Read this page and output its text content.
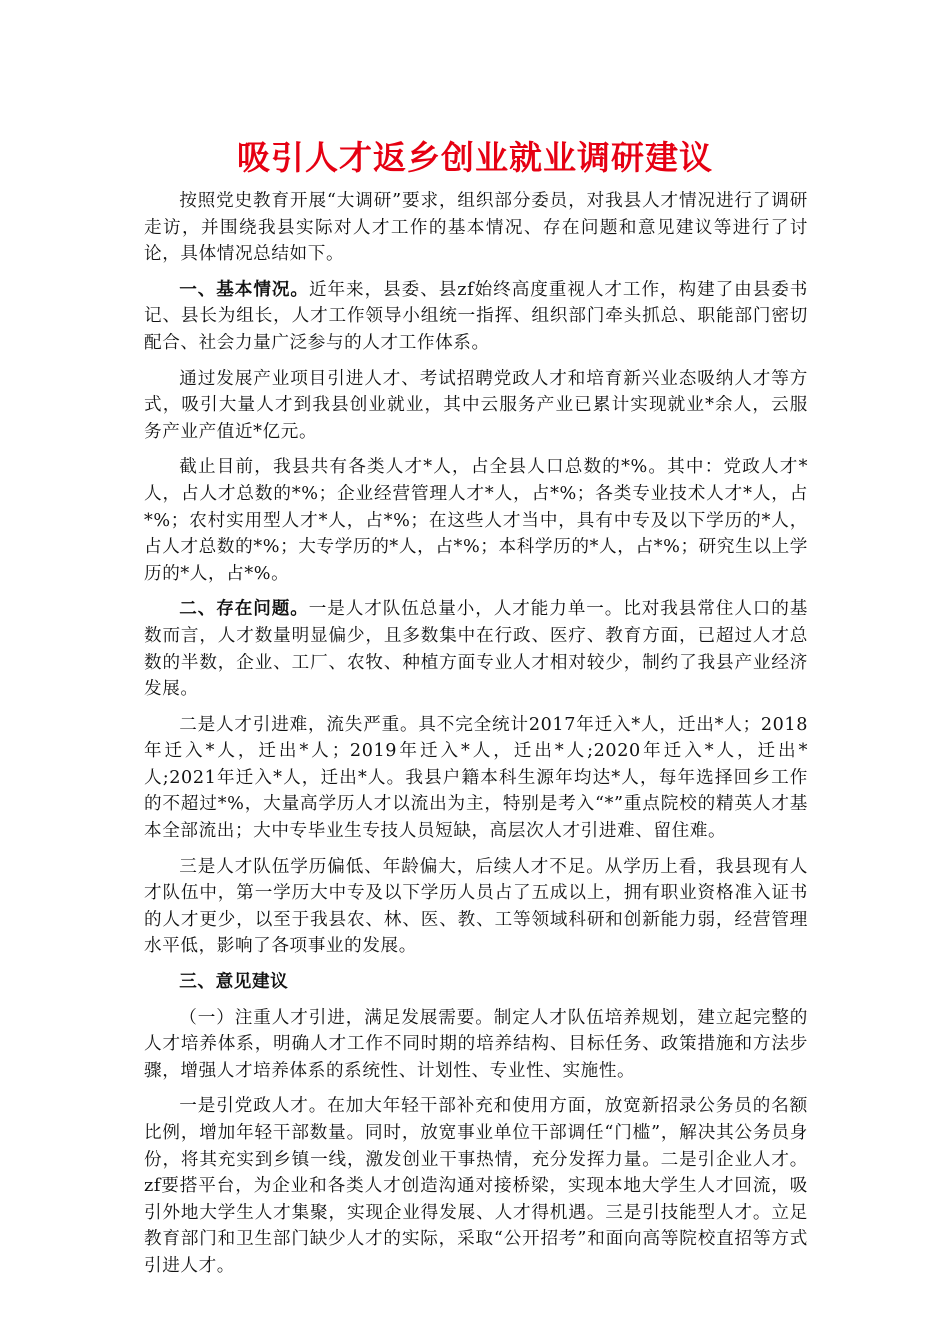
吸引人才返乡创业就业调研建议

按照党史教育开展“大调研”要求，组织部分委员，对我县人才情况进行了调研走访，并围绕我县实际对人才工作的基本情况、存在问题和意见建议等进行了讨论，具体情况总结如下。

一、基本情况。近年来，县委、县zf始终高度重视人才工作，构建了由县委书记、县长为组长，人才工作领导小组统一指挥、组织部门牵头抓总、职能部门密切配合、社会力量广泛参与的人才工作体系。

通过发展产业项目引进人才、考试招聘党政人才和培育新兴业态吸纳人才等方式，吸引大量人才到我县创业就业，其中云服务产业已累计实现就业*余人，云服务产业产值近*亿元。

截止目前，我县共有各类人才*人，占全县人口总数的*%。其中：党政人才*人，占人才总数的*%；企业经营管理人才*人，占*%；各类专业技术人才*人，占*%；农村实用型人才*人，占*%；在这些人才当中，具有中专及以下学历的*人，占人才总数的*%；大专学历的*人，占*%；本科学历的*人，占*%；研究生以上学历的*人，占*%。

二、存在问题。一是人才队伍总量小，人才能力单一。比对我县常住人口的基数而言，人才数量明显偏少，且多数集中在行政、医疗、教育方面，已超过人才总数的半数，企业、工厂、农牧、种植方面专业人才相对较少，制约了我县产业经济发展。

二是人才引进难，流失严重。具不完全统计2017年迁入*人，迁出*人；2018年迁入*人，迁出*人；2019年迁入*人，迁出*人;2020年迁入*人，迁出*人;2021年迁入*人，迁出*人。我县户籍本科生源年均达*人，每年选择回乡工作的不超过*%，大量高学历人才以流出为主，特别是考入“*”重点院校的精英人才基本全部流出；大中专毕业生专技人员短缺，高层次人才引进难、留住难。

三是人才队伍学历偏低、年龄偏大，后续人才不足。从学历上看，我县现有人才队伍中，第一学历大中专及以下学历人员占了五成以上，拥有职业资格准入证书的人才更少，以至于我县农、林、医、教、工等领域科研和创新能力弱，经营管理水平低，影响了各项事业的发展。

三、意见建议

（一）注重人才引进，满足发展需要。制定人才队伍培养规划，建立起完整的人才培养体系，明确人才工作不同时期的培养结构、目标任务、政策措施和方法步骤，增强人才培养体系的系统性、计划性、专业性、实施性。

一是引党政人才。在加大年轻干部补充和使用方面，放宽新招录公务员的名额比例，增加年轻干部数量。同时，放宽事业单位干部调任“门槛”，解决其公务员身份，将其充实到乡镇一线，激发创业干事热情，充分发挥力量。二是引企业人才。zf要搭平台，为企业和各类人才创造沟通对接桥梁，实现本地大学生人才回流，吸引外地大学生人才集聚，实现企业得发展、人才得机遇。三是引技能型人才。立足教育部门和卫生部门缺少人才的实际，采取“公开招考”和面向高等院校直招等方式引进人才。
